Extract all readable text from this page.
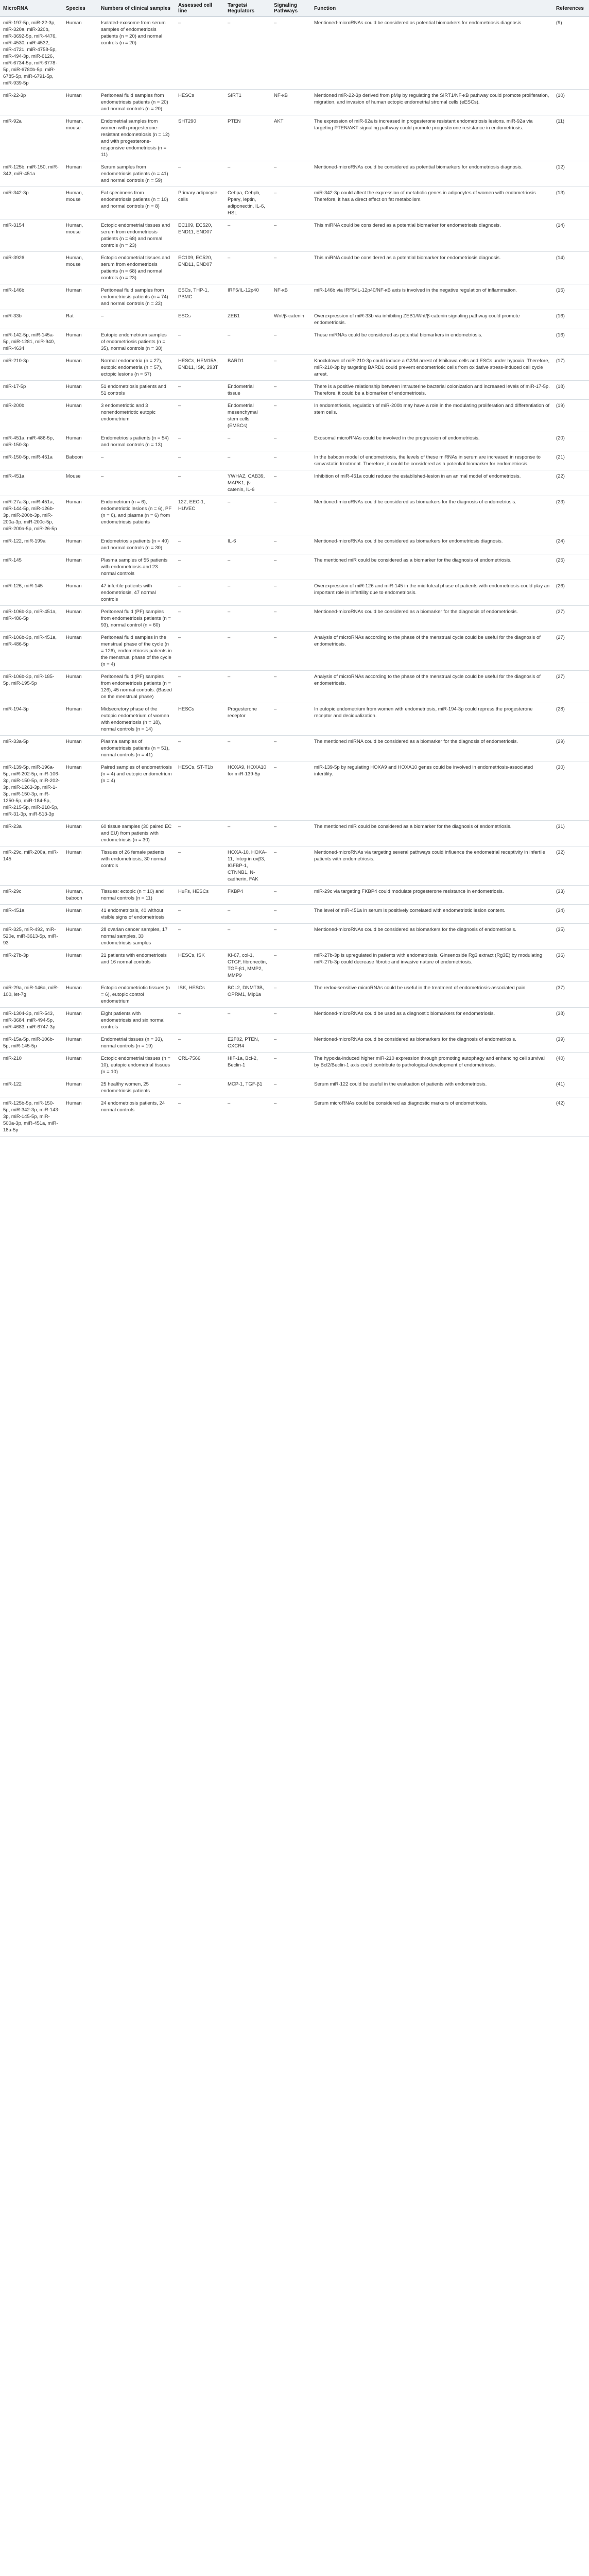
MicroRNA	Species	Numbers of clinical samples	Assessed cell line	Targets/ Regulators	Signaling Pathways	Function	References
miR-197-5p, miR-22-3p, miR-320a, miR-320b, miR-3692-5p, miR-4476, miR-4530, miR-4532, miR-4721, miR-4758-5p, miR-494-3p, miR-6126, miR-6734-5p, miR-6778-5p, miR-6780b-5p, miR-6785-5p, miR-6791-5p, miR-939-5p	Human	Isolated-exosome from serum samples of endometriosis patients (n = 20) and normal controls (n = 20)	–	–	–	Mentioned-microRNAs could be considered as potential biomarkers for endometriosis diagnosis.	(9)
miR-22-3p	Human	Peritoneal fluid samples from endometriosis patients (n = 20) and normal controls (n = 20)	HESCs	SIRT1	NF-κB	Mentioned miR-22-3p derived from pMφ by regulating the SIRT1/NF-κB pathway could promote proliferation, migration, and invasion of human ectopic endometrial stromal cells (eESCs).	(10)
miR-92a	Human, mouse	Endometrial samples from women with progesterone-resistant endometriosis (n = 12) and with progesterone-responsive endometriosis (n = 11)	SHT290	PTEN	AKT	The expression of miR-92a is increased in progesterone resistant endometriosis lesions. miR-92a via targeting PTEN/AKT signaling pathway could promote progesterone resistance in endometriosis.	(11)
miR-125b, miR-150, miR-342, miR-451a	Human	Serum samples from endometriosis patients (n = 41) and normal controls (n = 59)	–	–	–	Mentioned-microRNAs could be considered as potential biomarkers for endometriosis diagnosis.	(12)
miR-342-3p	Human, mouse	Fat specimens from endometriosis patients (n = 10) and normal controls (n = 8)	Primary adipocyte cells	Cebpa, Cebpb, Pparγ, leptin, adiponectin, IL-6, HSL	–	miR-342-3p could affect the expression of metabolic genes in adipocytes of women with endometriosis. Therefore, it has a direct effect on fat metabolism.	(13)
miR-3154	Human, mouse	Ectopic endometrial tissues and serum from endometriosis patients (n = 68) and normal controls (n = 23)	EC109, EC520, END11, END07	–	–	This miRNA could be considered as a potential biomarker for endometriosis diagnosis.	(14)
miR-3926	Human, mouse	Ectopic endometrial tissues and serum from endometriosis patients (n = 68) and normal controls (n = 23)	EC109, EC520, END11, END07	–	–	This miRNA could be considered as a potential biomarker for endometriosis diagnosis.	(14)
miR-146b	Human	Peritoneal fluid samples from endometriosis patients (n = 74) and normal controls (n = 23)	ESCs, THP-1, PBMC	IRF5/IL-12p40	NF-κB	miR-146b via IRF5/IL-12p40/NF-κB axis is involved in the negative regulation of inflammation.	(15)
miR-33b	Rat	–	ESCs	ZEB1	Wnt/β-catenin	Overexpression of miR-33b via inhibiting ZEB1/Wnt/β-catenin signaling pathway could promote endometriosis.	(16)
miR-142-5p, miR-145a-5p, miR-1281, miR-940, miR-4634	Human	Eutopic endometrium samples of endometriosis patients (n = 35), normal controls (n = 38)	–	–	–	These miRNAs could be considered as potential biomarkers in endometriosis.	(16)
miR-210-3p	Human	Normal endometria (n = 27), eutopic endometria (n = 57), ectopic lesions (n = 57)	HESCs, HEM15A, END11, ISK, 293T	BARD1	–	Knockdown of miR-210-3p could induce a G2/M arrest of Ishikawa cells and ESCs under hypoxia. Therefore, miR-210-3p by targeting BARD1 could prevent endometriotic cells from oxidative stress-induced cell cycle arrest.	(17)
miR-17-5p	Human	51 endometriosis patients and 51 controls	–	Endometrial tissue	–	There is a positive relationship between intrauterine bacterial colonization and increased levels of miR-17-5p. Therefore, it could be a biomarker of endometriosis.	(18)
miR-200b	Human	3 endometriotic and 3 nonendometriotic eutopic endometrium	–	Endometrial mesenchymal stem cells (EMSCs)	–	In endometriosis, regulation of miR-200b may have a role in the modulating proliferation and differentiation of stem cells.	(19)
miR-451a, miR-486-5p, miR-150-3p	Human	Endometriosis patients (n = 54) and normal controls (n = 13)	–	–	–	Exosomal microRNAs could be involved in the progression of endometriosis.	(20)
miR-150-5p, miR-451a	Baboon	–	–	–	–	In the baboon model of endometriosis, the levels of these miRNAs in serum are increased in response to simvastatin treatment. Therefore, it could be considered as a potential biomarker for endometriosis.	(21)
miR-451a	Mouse	–	–	YWHAZ, CAB39, MAPK1, β-catenin, IL-6	–	Inhibition of miR-451a could reduce the established-lesion in an animal model of endometriosis.	(22)
miR-27a-3p, miR-451a, miR-144-5p, miR-126b-3p, miR-200b-3p, miR-200a-3p, miR-200c-5p, miR-200a-5p, miR-26-5p	Human	Endometrium (n = 6), endometriotic lesions (n = 6), PF (n = 6), and plasma (n = 6) from endometriosis patients	12Z, EEC-1, HUVEC	–	–	Mentioned-microRNAs could be considered as biomarkers for the diagnosis of endometriosis.	(23)
miR-122, miR-199a	Human	Endometriosis patients (n = 40) and normal controls (n = 30)	–	IL-6	–	Mentioned-microRNAs could be considered as biomarkers for endometriosis diagnosis.	(24)
miR-145	Human	Plasma samples of 55 patients with endometriosis and 23 normal controls	–	–	–	The mentioned miR could be considered as a biomarker for the diagnosis of endometriosis.	(25)
miR-126, miR-145	Human	47 infertile patients with endometriosis, 47 normal controls	–	–	–	Overexpression of miR-126 and miR-145 in the mid-luteal phase of patients with endometriosis could play an important role in infertility due to endometriosis.	(26)
miR-106b-3p, miR-451a, miR-486-5p	Human	Peritoneal fluid (PF) samples from endometriosis patients (n = 93), normal control (n = 60)	–	–	–	Mentioned-microRNAs could be considered as a biomarker for the diagnosis of endometriosis.	(27)
miR-106b-3p, miR-451a, miR-486-5p	Human	Peritoneal fluid samples in the menstrual phase of the cycle (n = 126), endometriosis patients in the menstrual phase of the cycle (n = 4)	–	–	–	Analysis of microRNAs according to the phase of the menstrual cycle could be useful for the diagnosis of endometriosis.	(27)
miR-106b-3p, miR-185-5p, miR-195-5p	Human	Peritoneal fluid (PF) samples from endometriosis patients (n = 126), 45 normal controls. (Based on the menstrual phase)	–	–	–	Analysis of microRNAs according to the phase of the menstrual cycle could be useful for the diagnosis of endometriosis.	(27)
miR-194-3p	Human	Midsecretory phase of the eutopic endometrium of women with endometriosis (n = 18), normal controls (n = 14)	HESCs	Progesterone receptor	–	In eutopic endometrium from women with endometriosis, miR-194-3p could repress the progesterone receptor and decidualization.	(28)
miR-33a-5p	Human	Plasma samples of endometriosis patients (n = 51), normal controls (n = 41)	–	–	–	The mentioned miRNA could be considered as a biomarker for the diagnosis of endometriosis.	(29)
miR-139-5p, miR-196a-5p, miR-202-5p, miR-106-3p, miR-150-5p, miR-202-3p, miR-1263-3p, miR-1-3p, miR-150-3p, miR-1250-5p, miR-184-5p, miR-215-5p, miR-218-5p, miR-31-3p, miR-513-3p	Human	Paired samples of endometriosis (n = 4) and eutopic endometrium (n = 4)	HESCs, ST-T1b	HOXA9, HOXA10 for miR-139-5p	–	miR-139-5p by regulating HOXA9 and HOXA10 genes could be involved in endometriosis-associated infertility.	(30)
miR-23a	Human	60 tissue samples (30 paired EC and EU) from patients with endometriosis (n = 30)	–	–	–	The mentioned miR could be considered as a biomarker for the diagnosis of endometriosis.	(31)
miR-29c, miR-200a, miR-145	Human	Tissues of 26 female patients with endometriosis, 30 normal controls	–	HOXA-10, HOXA-11, Integrin αvβ3, IGFBP-1, CTNNB1, N-cadherin, FAK	–	Mentioned-microRNAs via targeting several pathways could influence the endometrial receptivity in infertile patients with endometriosis.	(32)
miR-29c	Human, baboon	Tissues: ectopic (n = 10) and normal controls (n = 11)	HuFs, HESCs	FKBP4	–	miR-29c via targeting FKBP4 could modulate progesterone resistance in endometriosis.	(33)
miR-451a	Human	41 endometriosis, 40 without visible signs of endometriosis	–	–	–	The level of miR-451a in serum is positively correlated with endometriotic lesion content.	(34)
miR-325, miR-492, miR-520e, miR-3613-5p, miR-93	Human	28 ovarian cancer samples, 17 normal samples, 33 endometriosis samples	–	–	–	Mentioned-microRNAs could be considered as biomarkers for the diagnosis of endometriosis.	(35)
miR-27b-3p	Human	21 patients with endometriosis and 16 normal controls	HESCs, ISK	KI-67, col-1, CTGF, fibronectin, TGF-β1, MMP2, MMP9	–	miR-27b-3p is upregulated in patients with endometriosis. Ginsenoside Rg3 extract (Rg3E) by modulating miR-27b-3p could decrease fibrotic and invasive nature of endometriosis.	(36)
miR-29a, miR-146a, miR-100, let-7g	Human	Ectopic endometriotic tissues (n = 6), eutopic control endometrium	ISK, HESCs	BCL2, DNMT3B, OPRM1, Mip1a	–	The redox-sensitive microRNAs could be useful in the treatment of endometriosis-associated pain.	(37)
miR-1304-3p, miR-543, miR-3684, miR-494-5p, miR-4683, miR-6747-3p	Human	Eight patients with endometriosis and six normal controls	–	–	–	Mentioned-microRNAs could be used as a diagnostic biomarkers for endometriosis.	(38)
miR-15a-5p, miR-106b-5p, miR-145-5p	Human	Endometrial tissues (n = 33), normal controls (n = 19)	–	E2F02, PTEN, CXCR4	–	Mentioned-microRNAs could be considered as biomarkers for the diagnosis of endometriosis.	(39)
miR-210	Human	Ectopic endometrial tissues (n = 10), eutopic endometrial tissues (n = 10)	CRL-7566	HIF-1a, Bcl-2, Beclin-1	–	The hypoxia-induced higher miR-210 expression through promoting autophagy and enhancing cell survival by Bcl2/Beclin-1 axis could contribute to pathological development of endometriosis.	(40)
miR-122	Human	25 healthy women, 25 endometriosis patients	–	MCP-1, TGF-β1	–	Serum miR-122 could be useful in the evaluation of patients with endometriosis.	(41)
miR-125b-5p, miR-150-5p, miR-342-3p, miR-143-3p, miR-145-5p, miR-500a-3p, miR-451a, miR-18a-5p	Human	24 endometriosis patients, 24 normal controls	–	–	–	Serum microRNAs could be considered as diagnostic markers of endometriosis.	(42)
